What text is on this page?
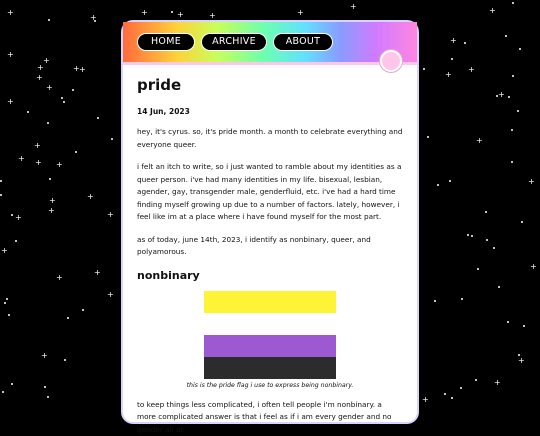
+
+
+
+
+
+
+
+
+
+
+
+
+
+
+
+
+
+
+
+
+
+
+
+
+
+
+
+
+
+
+
+
+
+
+
+
+
+
+
+
HOME	ARCHIVE	ABOUT
pride

14 Jun, 2023

hey, it's cyrus. so, it's pride month. a month to celebrate everything and everyone queer.

i felt an itch to write, so i just wanted to ramble about my identities as a queer person. i've had many identities in my life. bisexual, lesbian, agender, gay, transgender male, genderfluid, etc. i've had a hard time finding myself growing up due to a number of factors. lately, however, i feel like im at a place where i have found myself for the most part.

as of today, june 14th, 2023, i identify as nonbinary, queer, and polyamorous.

nonbinary

this is the pride flag i use to express being nonbinary.

to keep things less complicated, i often tell people i'm nonbinary. a more complicated answer is that i feel as if i am every gender and no gender all at
